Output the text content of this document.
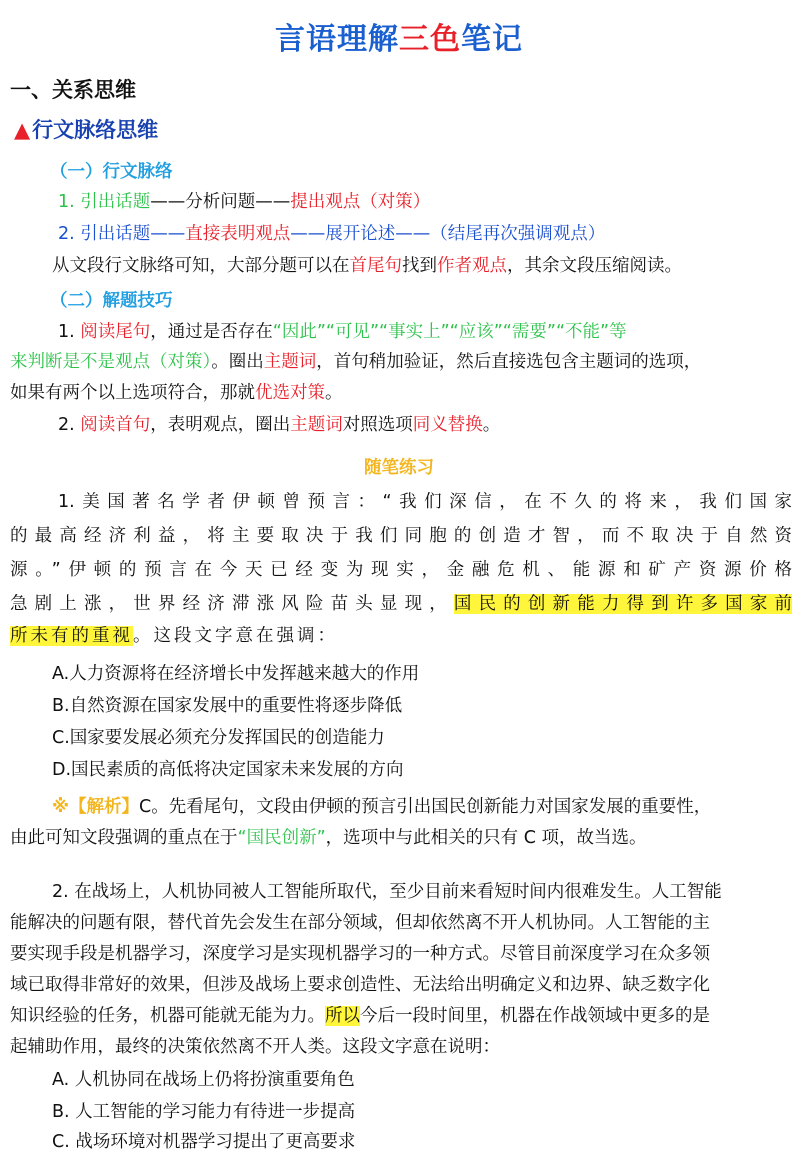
言语理解三色笔记
一、关系思维
▲行文脉络思维
（一）行文脉络
1. 引出话题——分析问题——提出观点（对策）
2. 引出话题——直接表明观点——展开论述——（结尾再次强调观点）
从文段行文脉络可知，大部分题可以在首尾句找到作者观点，其余文段压缩阅读。
（二）解题技巧
1. 阅读尾句，通过是否存在“因此”“可见”“事实上”“应该”“需要”“不能”等
来判断是不是观点（对策）。圈出主题词，首句稍加验证，然后直接选包含主题词的选项，
如果有两个以上选项符合，那就优选对策。
2. 阅读首句，表明观点，圈出主题词对照选项同义替换。
随笔练习
1.美国著名学者伊顿曾预言：“我们深信，在不久的将来，我们国家
的最高经济利益，将主要取决于我们同胞的创造才智，而不取决于自然资
源。”伊顿的预言在今天已经变为现实，金融危机、能源和矿产资源价格
急剧上涨，世界经济滞涨风险苗头显现，国民的创新能力得到许多国家前
所未有的重视。这段文字意在强调：
A.人力资源将在经济增长中发挥越来越大的作用
B.自然资源在国家发展中的重要性将逐步降低
C.国家要发展必须充分发挥国民的创造能力
D.国民素质的高低将决定国家未来发展的方向
※【解析】C。先看尾句，文段由伊顿的预言引出国民创新能力对国家发展的重要性，
由此可知文段强调的重点在于“国民创新”，选项中与此相关的只有 C 项，故当选。
2. 在战场上，人机协同被人工智能所取代，至少目前来看短时间内很难发生。人工智能
能解决的问题有限，替代首先会发生在部分领域，但却依然离不开人机协同。人工智能的主
要实现手段是机器学习，深度学习是实现机器学习的一种方式。尽管目前深度学习在众多领
域已取得非常好的效果，但涉及战场上要求创造性、无法给出明确定义和边界、缺乏数字化
知识经验的任务，机器可能就无能为力。所以今后一段时间里，机器在作战领域中更多的是
起辅助作用，最终的决策依然离不开人类。这段文字意在说明：
A. 人机协同在战场上仍将扮演重要角色
B. 人工智能的学习能力有待进一步提高
C. 战场环境对机器学习提出了更高要求
